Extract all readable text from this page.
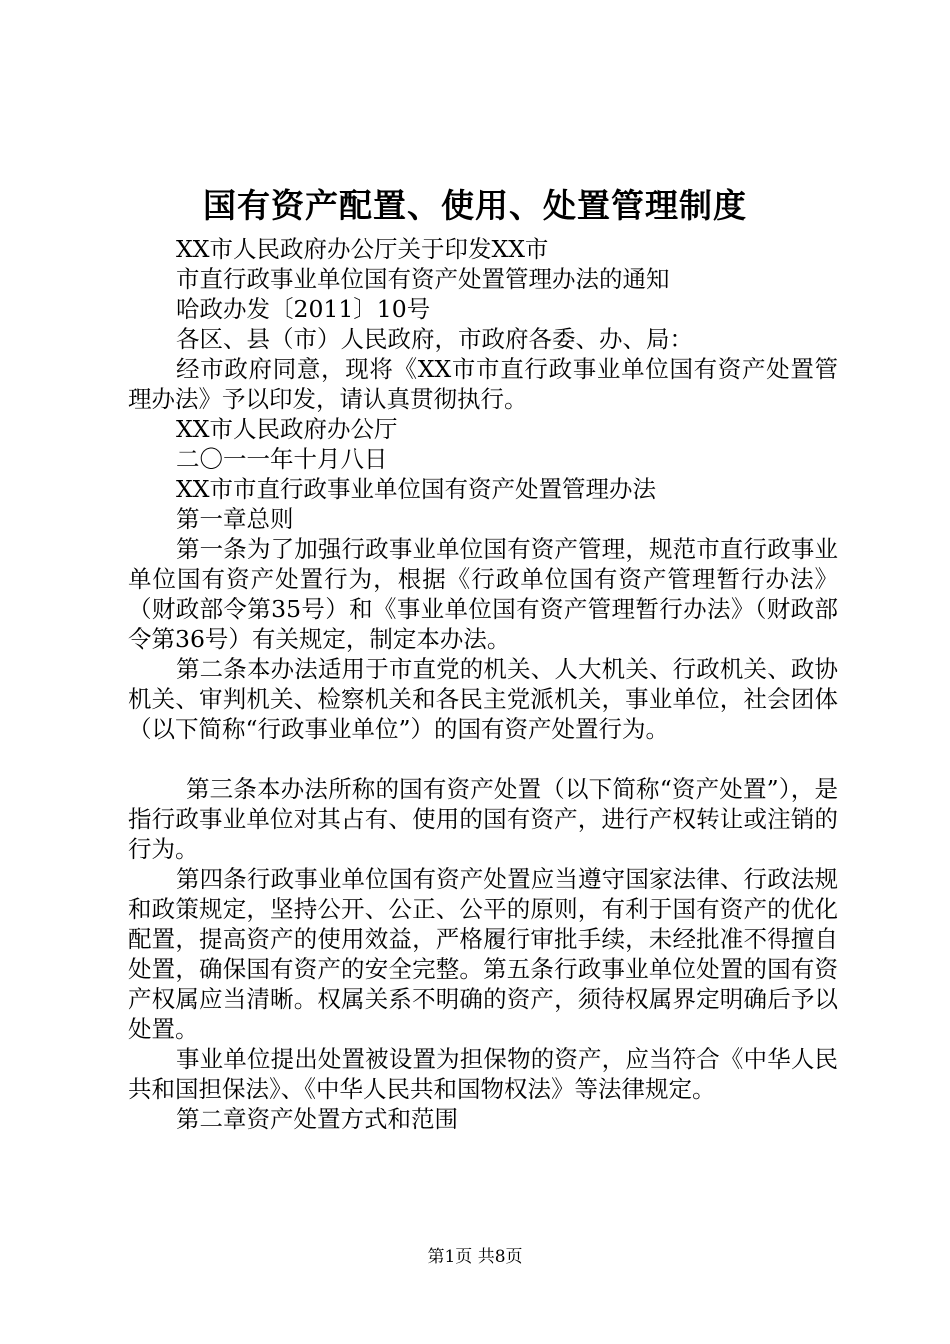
国有资产配置、使用、处置管理制度

XX市人民政府办公厅关于印发XX市

市直行政事业单位国有资产处置管理办法的通知

哈政办发〔2011〕10号

各区、县（市）人民政府，市政府各委、办、局：

经市政府同意，现将《XX市市直行政事业单位国有资产处置管理办法》予以印发，请认真贯彻执行。

XX市人民政府办公厅

二〇一一年十月八日

XX市市直行政事业单位国有资产处置管理办法

第一章总则

第一条为了加强行政事业单位国有资产管理，规范市直行政事业单位国有资产处置行为，根据《行政单位国有资产管理暂行办法》（财政部令第35号）和《事业单位国有资产管理暂行办法》（财政部令第36号）有关规定，制定本办法。

第二条本办法适用于市直党的机关、人大机关、行政机关、政协机关、审判机关、检察机关和各民主党派机关，事业单位，社会团体（以下简称“行政事业单位”）的国有资产处置行为。

第三条本办法所称的国有资产处置（以下简称“资产处置”），是指行政事业单位对其占有、使用的国有资产，进行产权转让或注销的行为。

第四条行政事业单位国有资产处置应当遵守国家法律、行政法规和政策规定，坚持公开、公正、公平的原则，有利于国有资产的优化配置，提高资产的使用效益，严格履行审批手续，未经批准不得擅自处置，确保国有资产的安全完整。第五条行政事业单位处置的国有资产权属应当清晰。权属关系不明确的资产，须待权属界定明确后予以处置。

事业单位提出处置被设置为担保物的资产，应当符合《中华人民共和国担保法》、《中华人民共和国物权法》等法律规定。

第二章资产处置方式和范围

第1页 共8页
